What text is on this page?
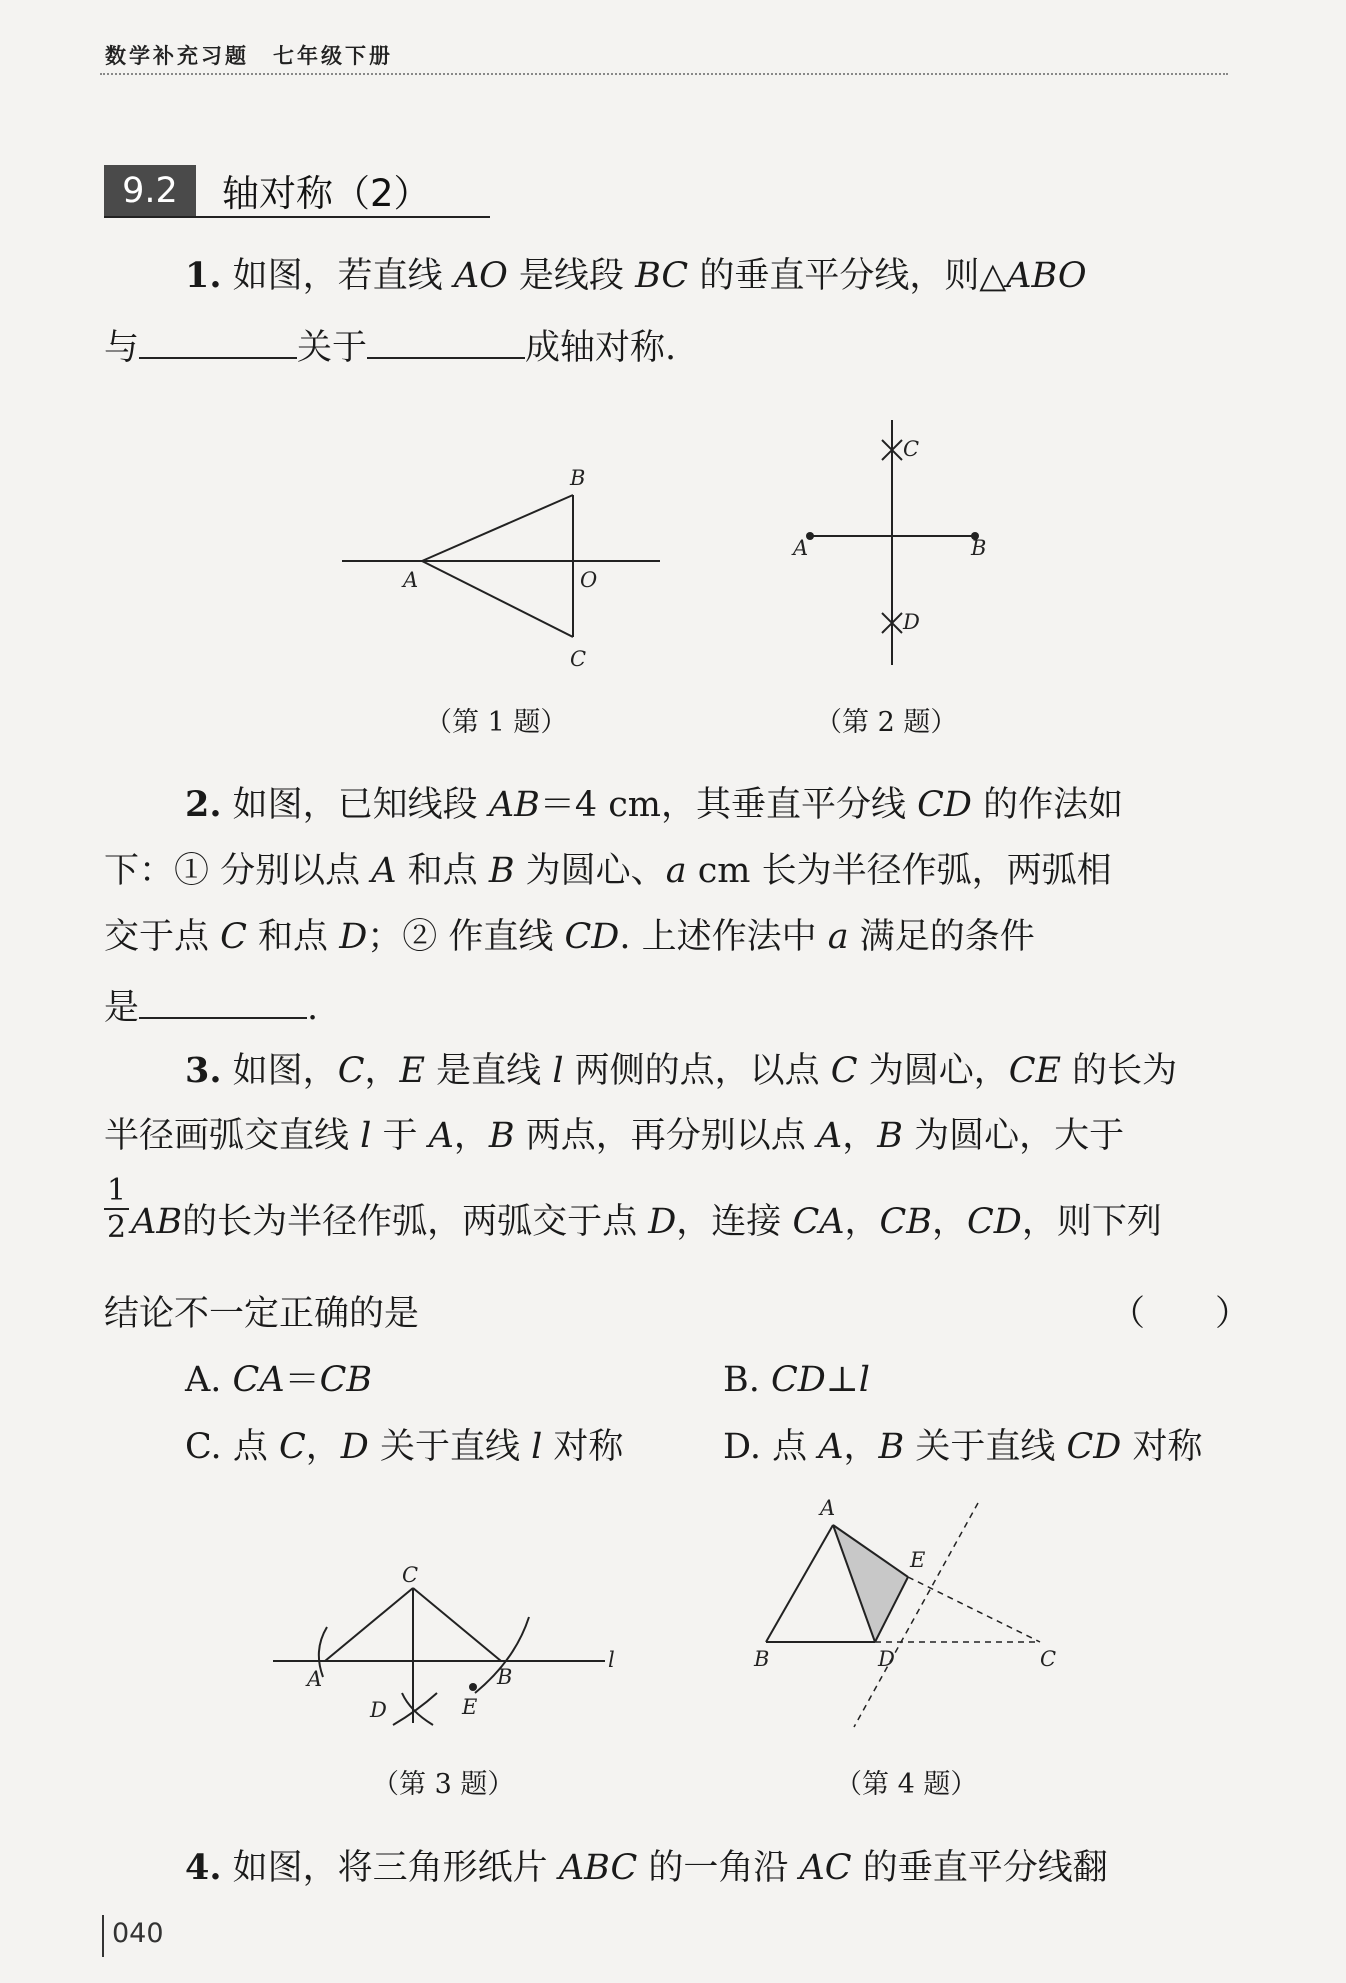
数学补充习题　七年级下册
9.2	轴对称（2）
1. 如图，若直线 AO 是线段 BC 的垂直平分线，则△ABO
与	关于	成轴对称.
B
A	O
C
（第 1 题）
C
D
A	B
（第 2 题）
2. 如图，已知线段 AB＝4 cm，其垂直平分线 CD 的作法如
下：① 分别以点 A 和点 B 为圆心、a cm 长为半径作弧，两弧相
交于点 C 和点 D；② 作直线 CD. 上述作法中 a 满足的条件
是	.
3. 如图，C，E 是直线 l 两侧的点，以点 C 为圆心，CE 的长为
半径画弧交直线 l 于 A，B 两点，再分别以点 A，B 为圆心，大于
$\frac{1}{2}$ AB的长为半径作弧，两弧交于点 D，连接 CA，CB，CD，则下列
结论不一定正确的是	（　　）
A. CA＝CB	B. CD⊥l
C. 点 C，D 关于直线 l 对称	D. 点 A，B 关于直线 CD 对称
C
A	B
D	E
l
（第 3 题）
A
E
B	D	C
（第 4 题）
4. 如图，将三角形纸片 ABC 的一角沿 AC 的垂直平分线翻
040
